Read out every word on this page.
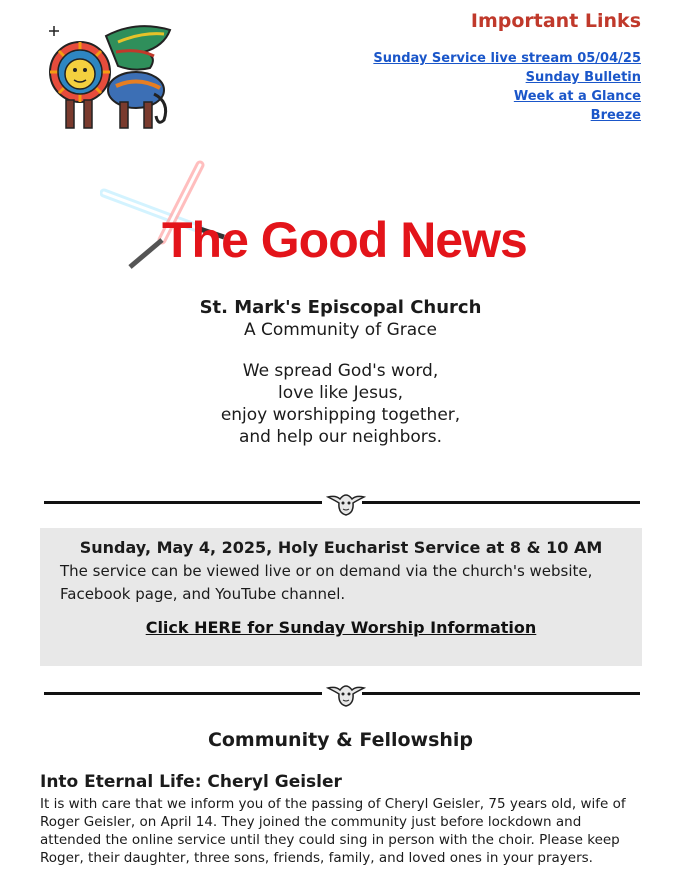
Important Links
Sunday Service live stream 05/04/25
Sunday Bulletin
Week at a Glance
Breeze
The Good News
St. Mark's Episcopal Church
A Community of Grace
We spread God's word,
love like Jesus,
enjoy worshipping together,
and help our neighbors.
Sunday, May 4, 2025, Holy Eucharist Service at 8 & 10 AM
The service can be viewed live or on demand via the church's website, Facebook page, and YouTube channel.
Click HERE for Sunday Worship Information
Community & Fellowship
Into Eternal Life: Cheryl Geisler
It is with care that we inform you of the passing of Cheryl Geisler, 75 years old, wife of Roger Geisler, on April 14. They joined the community just before lockdown and attended the online service until they could sing in person with the choir. Please keep Roger, their daughter, three sons, friends, family, and loved ones in your prayers.
